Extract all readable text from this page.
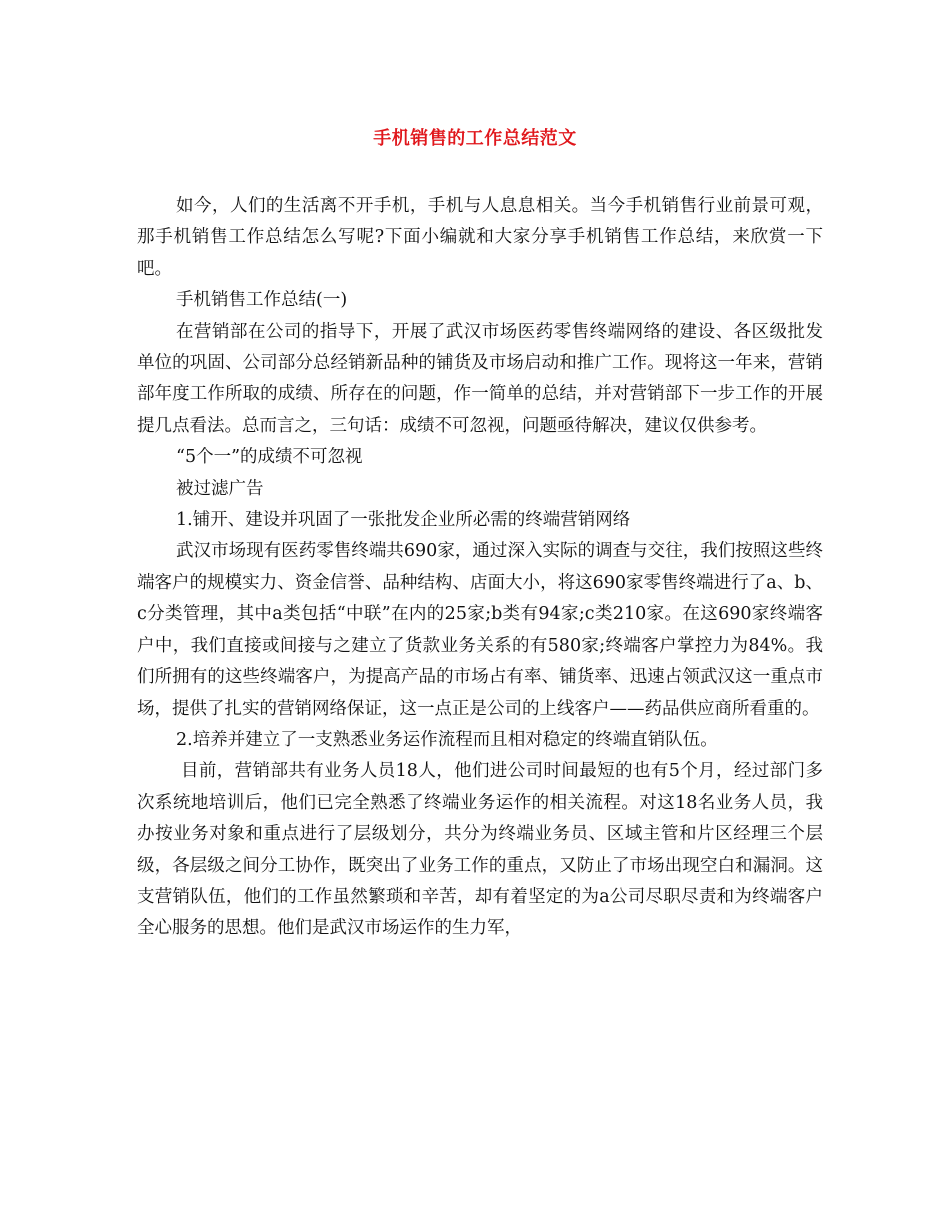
手机销售的工作总结范文

如今，人们的生活离不开手机，手机与人息息相关。当今手机销售行业前景可观，那手机销售工作总结怎么写呢?下面小编就和大家分享手机销售工作总结，来欣赏一下吧。

手机销售工作总结(一)

在营销部在公司的指导下，开展了武汉市场医药零售终端网络的建设、各区级批发单位的巩固、公司部分总经销新品种的铺货及市场启动和推广工作。现将这一年来，营销部年度工作所取的成绩、所存在的问题，作一简单的总结，并对营销部下一步工作的开展提几点看法。总而言之，三句话：成绩不可忽视，问题亟待解决，建议仅供参考。

“5个一”的成绩不可忽视

被过滤广告

1.铺开、建设并巩固了一张批发企业所必需的终端营销网络

武汉市场现有医药零售终端共690家，通过深入实际的调查与交往，我们按照这些终端客户的规模实力、资金信誉、品种结构、店面大小，将这690家零售终端进行了a、b、c分类管理，其中a类包括“中联”在内的25家;b类有94家;c类210家。在这690家终端客户中，我们直接或间接与之建立了货款业务关系的有580家;终端客户掌控力为84%。我们所拥有的这些终端客户，为提高产品的市场占有率、铺货率、迅速占领武汉这一重点市场，提供了扎实的营销网络保证，这一点正是公司的上线客户——药品供应商所看重的。

2.培养并建立了一支熟悉业务运作流程而且相对稳定的终端直销队伍。

目前，营销部共有业务人员18人，他们进公司时间最短的也有5个月，经过部门多次系统地培训后，他们已完全熟悉了终端业务运作的相关流程。对这18名业务人员，我办按业务对象和重点进行了层级划分，共分为终端业务员、区域主管和片区经理三个层级，各层级之间分工协作，既突出了业务工作的重点，又防止了市场出现空白和漏洞。这支营销队伍，他们的工作虽然繁琐和辛苦，却有着坚定的为a公司尽职尽责和为终端客户全心服务的思想。他们是武汉市场运作的生力军，
